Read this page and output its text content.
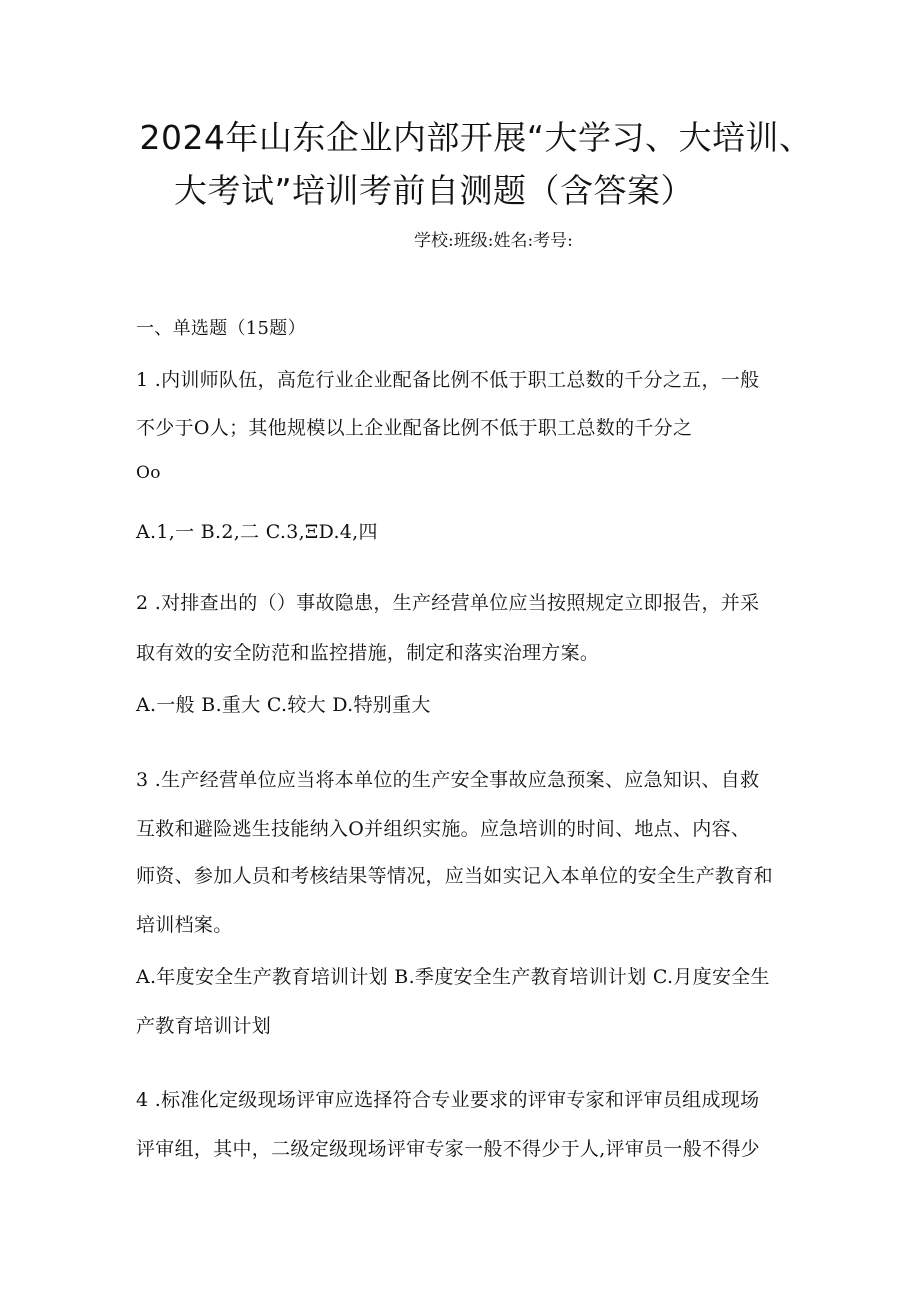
2024年山东企业内部开展“大学习、大培训、
大考试”培训考前自测题（含答案）
学校:班级:姓名:考号:
一、单选题（15题）
1 .内训师队伍，高危行业企业配备比例不低于职工总数的千分之五，一般
不少于O人；其他规模以上企业配备比例不低于职工总数的千分之
Oo
A.1,一 B.2,二 C.3,ΞD.4,四
2 .对排查出的（）事故隐患，生产经营单位应当按照规定立即报告，并采
取有效的安全防范和监控措施，制定和落实治理方案。
A.一般 B.重大 C.较大 D.特别重大
3 .生产经营单位应当将本单位的生产安全事故应急预案、应急知识、自救
互救和避险逃生技能纳入O并组织实施。应急培训的时间、地点、内容、
师资、参加人员和考核结果等情况，应当如实记入本单位的安全生产教育和
培训档案。
A.年度安全生产教育培训计划 B.季度安全生产教育培训计划 C.月度安全生
产教育培训计划
4 .标准化定级现场评审应选择符合专业要求的评审专家和评审员组成现场
评审组，其中，二级定级现场评审专家一般不得少于人,评审员一般不得少
